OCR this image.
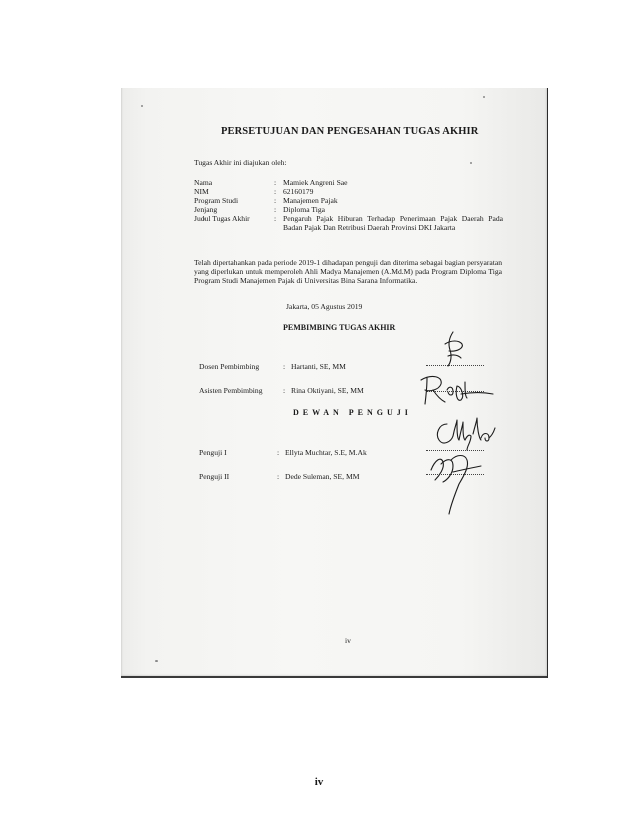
PERSETUJUAN DAN PENGESAHAN TUGAS AKHIR
Tugas Akhir ini diajukan oleh:
Nama	: Mamiek Angreni Sae
NIM	: 62160179
Program Studi	: Manajemen Pajak
Jenjang	: Diploma Tiga
Judul Tugas Akhir	: Pengaruh Pajak Hiburan Terhadap Penerimaan Pajak Daerah Pada Badan Pajak Dan Retribusi Daerah Provinsi DKI Jakarta
Telah dipertahankan pada periode 2019-1 dihadapan penguji dan diterima sebagai bagian persyaratan yang diperlukan untuk memperoleh Ahli Madya Manajemen (A.Md.M) pada Program Diploma Tiga Program Studi Manajemen Pajak di Universitas Bina Sarana Informatika.
Jakarta, 05 Agustus 2019
PEMBIMBING TUGAS AKHIR
Dosen Pembimbing	: Hartanti, SE, MM
Asisten Pembimbing	: Rina Oktiyani, SE, MM
DEWAN PENGUJI
Penguji I	: Ellyta Muchtar, S.E, M.Ak
Penguji II	: Dede Suleman, SE, MM
iv
iv
